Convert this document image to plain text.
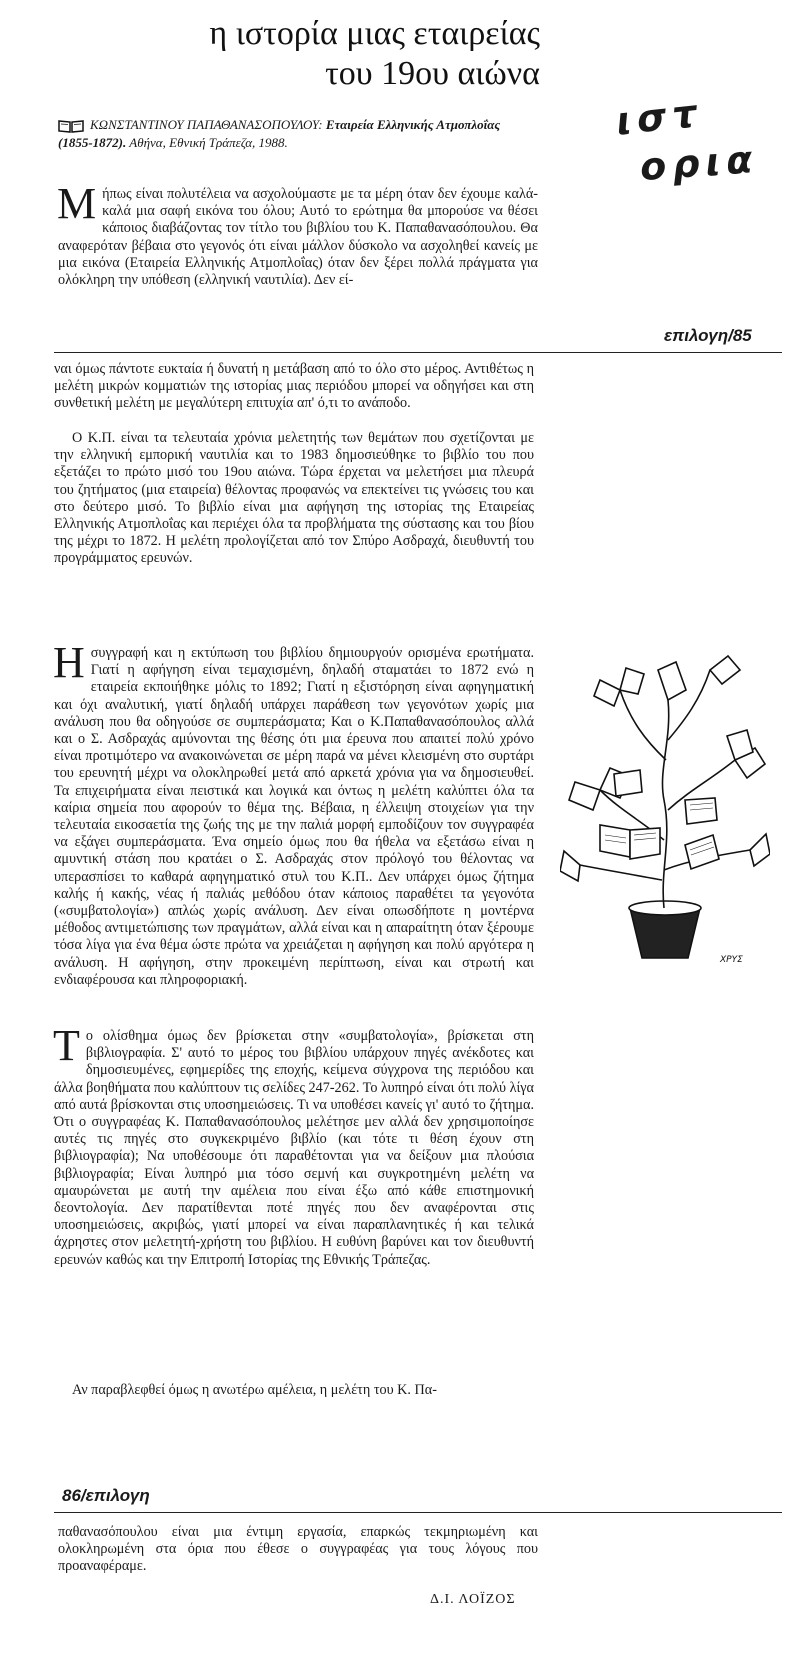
η ιστορία μιας εταιρείας
του 19ου αιώνα
ιστ
ορια
ΚΩΝΣΤΑΝΤΙΝΟΥ ΠΑΠΑΘΑΝΑΣΟΠΟΥΛΟΥ: Εταιρεία Ελληνικής Ατμοπλοΐας (1855-1872). Αθήνα, Εθνική Τράπεζα, 1988.
Μήπως είναι πολυτέλεια να ασχολούμαστε με τα μέρη όταν δεν έχουμε καλά-καλά μια σαφή εικόνα του όλου; Αυτό το ερώτημα θα μπορούσε να θέσει κάποιος διαβάζοντας τον τίτλο του βιβλίου του Κ. Παπαθανασόπουλου. Θα αναφερόταν βέβαια στο γεγονός ότι είναι μάλλον δύσκολο να ασχοληθεί κανείς με μια εικόνα (Εταιρεία Ελληνικής Ατμοπλοΐας) όταν δεν ξέρει πολλά πράγματα για ολόκληρη την υπόθεση (ελληνική ναυτιλία). Δεν εί-
επιλογη/85
ναι όμως πάντοτε ευκταία ή δυνατή η μετάβαση από το όλο στο μέρος. Αντιθέτως η μελέτη μικρών κομματιών της ιστορίας μιας περιόδου μπορεί να οδηγήσει και στη συνθετική μελέτη με μεγαλύτερη επιτυχία απ' ό,τι το ανάποδο.
Ο Κ.Π. είναι τα τελευταία χρόνια μελετητής των θεμάτων που σχετίζονται με την ελληνική εμπορική ναυτιλία και το 1983 δημοσιεύθηκε το βιβλίο του που εξετάζει το πρώτο μισό του 19ου αιώνα. Τώρα έρχεται να μελετήσει μια πλευρά του ζητήματος (μια εταιρεία) θέλοντας προφανώς να επεκτείνει τις γνώσεις του και στο δεύτερο μισό. Το βιβλίο είναι μια αφήγηση της ιστορίας της Εταιρείας Ελληνικής Ατμοπλοΐας και περιέχει όλα τα προβλήματα της σύστασης και του βίου της μέχρι το 1872. Η μελέτη προλογίζεται από τον Σπύρο Ασδραχά, διευθυντή του προγράμματος ερευνών.
Η συγγραφή και η εκτύπωση του βιβλίου δημιουργούν ορισμένα ερωτήματα. Γιατί η αφήγηση είναι τεμαχισμένη, δηλαδή σταματάει το 1872 ενώ η εταιρεία εκποιήθηκε μόλις το 1892; Γιατί η εξιστόρηση είναι αφηγηματική και όχι αναλυτική, γιατί δηλαδή υπάρχει παράθεση των γεγονότων χωρίς μια ανάλυση που θα οδηγούσε σε συμπεράσματα; Και ο Κ.Παπαθανασόπουλος αλλά και ο Σ. Ασδραχάς αμύνονται της θέσης ότι μια έρευνα που απαιτεί πολύ χρόνο είναι προτιμότερο να ανακοινώνεται σε μέρη παρά να μένει κλεισμένη στο συρτάρι του ερευνητή μέχρι να ολοκληρωθεί μετά από αρκετά χρόνια για να δημοσιευθεί. Τα επιχειρήματα είναι πειστικά και λογικά και όντως η μελέτη καλύπτει όλα τα καίρια σημεία που αφορούν το θέμα της. Βέβαια, η έλλειψη στοιχείων για την τελευταία εικοσαετία της ζωής της με την παλιά μορφή εμποδίζουν τον συγγραφέα να εξάγει συμπεράσματα. Ένα σημείο όμως που θα ήθελα να εξετάσω είναι η αμυντική στάση που κρατάει ο Σ. Ασδραχάς στον πρόλογό του θέλοντας να υπερασπίσει το καθαρά αφηγηματικό στυλ του Κ.Π.. Δεν υπάρχει όμως ζήτημα καλής ή κακής, νέας ή παλιάς μεθόδου όταν κάποιος παραθέτει τα γεγονότα («συμβατολογία») απλώς χωρίς ανάλυση. Δεν είναι οπωσδήποτε η μοντέρνα μέθοδος αντιμετώπισης των πραγμάτων, αλλά είναι και η απαραίτητη όταν ξέρουμε τόσα λίγα για ένα θέμα ώστε πρώτα να χρειάζεται η αφήγηση και πολύ αργότερα η ανάλυση. Η αφήγηση, στην προκειμένη περίπτωση, είναι και στρωτή και ενδιαφέρουσα και πληροφοριακή.
ΧΡΥΣ
Το ολίσθημα όμως δεν βρίσκεται στην «συμβατολογία», βρίσκεται στη βιβλιογραφία. Σ' αυτό το μέρος του βιβλίου υπάρχουν πηγές ανέκδοτες και δημοσιευμένες, εφημερίδες της εποχής, κείμενα σύγχρονα της περιόδου και άλλα βοηθήματα που καλύπτουν τις σελίδες 247-262. Το λυπηρό είναι ότι πολύ λίγα από αυτά βρίσκονται στις υποσημειώσεις. Τι να υποθέσει κανείς γι' αυτό το ζήτημα. Ότι ο συγγραφέας Κ. Παπαθανασόπουλος μελέτησε μεν αλλά δεν χρησιμοποίησε αυτές τις πηγές στο συγκεκριμένο βιβλίο (και τότε τι θέση έχουν στη βιβλιογραφία); Να υποθέσουμε ότι παραθέτονται για να δείξουν μια πλούσια βιβλιογραφία; Είναι λυπηρό μια τόσο σεμνή και συγκροτημένη μελέτη να αμαυρώνεται με αυτή την αμέλεια που είναι έξω από κάθε επιστημονική δεοντολογία. Δεν παρατίθενται ποτέ πηγές που δεν αναφέρονται στις υποσημειώσεις, ακριβώς, γιατί μπορεί να είναι παραπλανητικές ή και τελικά άχρηστες στον μελετητή-χρήστη του βιβλίου. Η ευθύνη βαρύνει και τον διευθυντή ερευνών καθώς και την Επιτροπή Ιστορίας της Εθνικής Τράπεζας.
Αν παραβλεφθεί όμως η ανωτέρω αμέλεια, η μελέτη του Κ. Πα-
86/επιλογη
παθανασόπουλου είναι μια έντιμη εργασία, επαρκώς τεκμηριωμένη και ολοκληρωμένη στα όρια που έθεσε ο συγγραφέας για τους λόγους που προαναφέραμε.
Δ.Ι. ΛΟΪΖΟΣ
